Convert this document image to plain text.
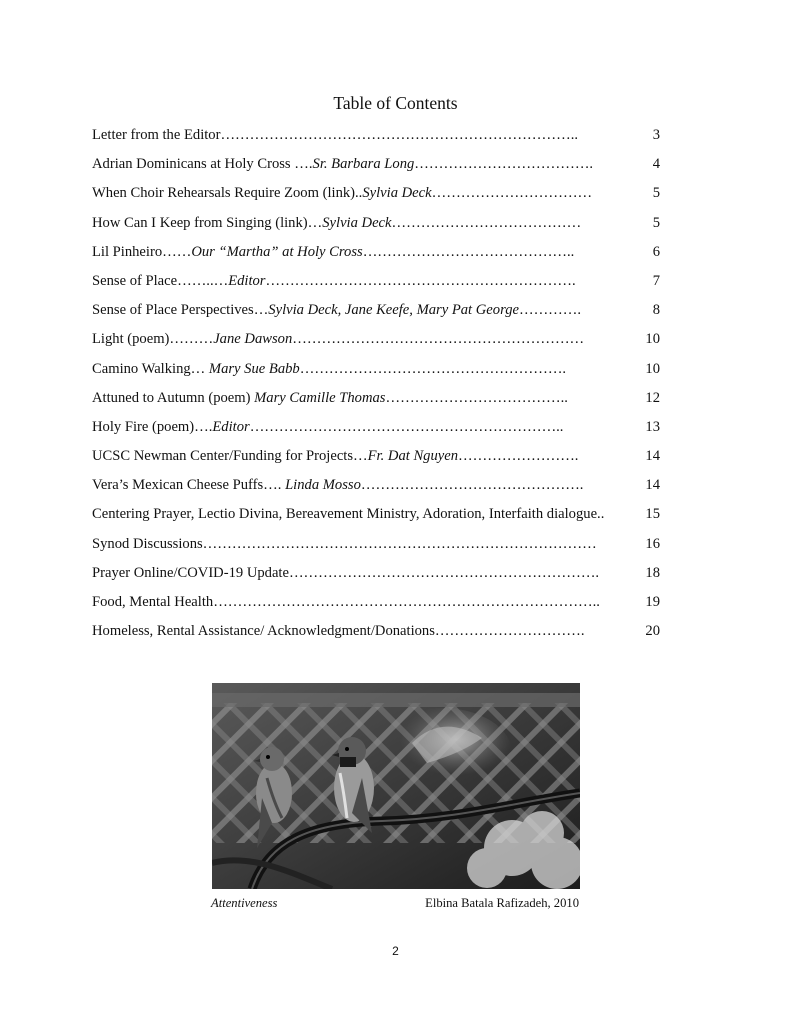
Table of Contents
Letter from the Editor………………………………………………………………..	3
Adrian Dominicans at Holy Cross ….Sr. Barbara Long……………………………….	4
When Choir Rehearsals Require Zoom (link)..Sylvia Deck……………………………	5
How Can I Keep from Singing (link)…Sylvia Deck…………………………………	5
Lil Pinheiro……Our “Martha” at Holy Cross……………………………………..	6
Sense of Place……..…Editor……………………………………………………….	7
Sense of Place Perspectives…Sylvia Deck, Jane Keefe, Mary Pat George………….	8
Light (poem)………Jane Dawson……………………………………………………	10
Camino Walking… Mary Sue Babb……………………………………………….	10
Attuned to Autumn (poem) Mary Camille Thomas………………………………..	12
Holy Fire (poem)….Editor………………………………………………………..	13
UCSC Newman Center/Funding for Projects…Fr. Dat Nguyen…………………….	14
Vera’s Mexican Cheese Puffs…. Linda Mosso……………………………………….	14
Centering Prayer, Lectio Divina, Bereavement Ministry, Adoration, Interfaith dialogue..	15
Synod Discussions………………………………………………………………………	16
Prayer Online/COVID-19 Update……………………………………………………….	18
Food, Mental Health……………………………………………………………………..	19
Homeless, Rental Assistance/ Acknowledgment/Donations………………………….	20
Attentiveness	Elbina Batala Rafizadeh, 2010
2
